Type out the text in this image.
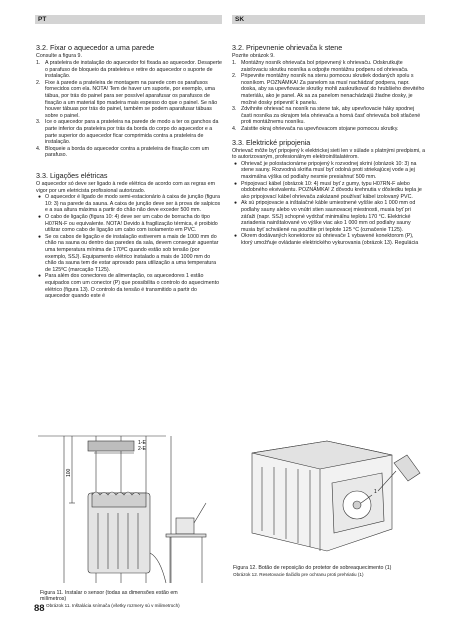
PT	SK
3.2. Fixar o aquecedor a uma parede
Consulte a figura 9.
1. A prateleira de instalação do aquecedor foi fixada ao aquecedor. Desaperte o parafuso de bloqueio da prateleira e retire do aquecedor o suporte de instalação.
2. Fixe à parede a prateleira de montagem na parede com os parafusos fornecidos com ela. NOTA! Tem de haver um suporte, por exemplo, uma tábua, por trás do painel para ser possível aparafusar os parafusos de fixação a um material tipo madeira mais espesso do que o painel. Se não houver tábuas por trás do painel, também se podem aparafusar tábuas sobre o painel.
3. Ice o aquecedor para a prateleira na parede de modo a ter os ganchos da parte inferior da prateleira por trás da borda do corpo do aquecedor e a parte superior do aquecedor ficar comprimida contra a prateleira de instalação.
4. Bloqueie a borda do aquecedor contra a prateleira de fixação com um parafuso.
3.3. Ligações elétricas
O aquecedor só deve ser ligado à rede elétrica de acordo com as regras em vigor por um eletricista profissional autorizado.
● O aquecedor é ligado de modo semi-estacionário à caixa de junção (figura 10: 3) na parede da sauna. A caixa de junção deve ser à prova de salpicos e a sua altura máxima a partir do chão não deve exceder 500 mm.
● O cabo de ligação (figura 10: 4) deve ser um cabo de borracha do tipo H07RN-F ou equivalente. NOTA! Devido à fragilização térmica, é proibido utilizar como cabo de ligação um cabo com isolamento em PVC.
● Se os cabos de ligação e de instalação estiverem a mais de 1000 mm do chão na sauna ou dentro das paredes da sala, devem conseguir aguentar uma temperatura mínima de 170ºC quando estão sob tensão (por exemplo, SSJ). Equipamento elétrico instalado a mais de 1000 mm do chão da sauna tem de estar aprovado para utilização a uma temperatura de 125ºC (marcação T125).
● Para além dos conectores de alimentação, os aquecedores 1 estão equipados com um conector (P) que possibilita o controlo do aquecimento elétrico (figura 13). O controlo da tensão é transmitido a partir do aquecedor quando este é
3.2. Pripevnenie ohrievača k stene
Pozrite obrázok 9.
1. Montážny nosník ohrievača bol pripevnený k ohrievaču. Odskrutkujte zaisťovaciu skrutku nosníka a odpojte montážnu podperu od ohrievača.
2. Pripevnite montážny nosník na stenu pomocou skrutiek dodaných spolu s nosníkom. POZNÁMKA! Za panelom sa musí nachádzať podpera, napr. doska, aby sa upevňovacie skrutky mohli zaskrutkovať do hrubšieho drevitého materiálu, ako je panel. Ak sa za panelom nenachádzajú žiadne dosky, je možné dosky pripevniť k panelu.
3. Zdvihnite ohrievač na nosník na stene tak, aby upevňovacie háky spodnej časti nosníka za okrajom tela ohrievača a horná časť ohrievača boli stlačené proti montážnemu nosníku.
4. Zaistite okraj ohrievača na upevňovacom stojane pomocou skrutky.
3.3. Elektrické pripojenia
Ohrievač môže byť pripojený k elektrickej sieti len v súlade s platnými predpismi, a to autorizovaným, profesionálnym elektroinštalatérom.
● Ohrievač je polostacionárne pripojený k rozvodnej skrini (obrázok 10: 3) na stene sauny. Rozvodná skriňa musí byť odolná proti striekajúcej vode a jej maximálna výška od podlahy nesmie presiahnuť 500 mm.
● Pripojovací kábel (obrázok 10: 4) musí byť z gumy, typu H07RN-F alebo obdobného ekvivalentu. POZNÁMKA! Z dôvodu krehnutia v dôsledku tepla je ako pripojovací kábel ohrievača zakázané používať kábel izolovaný PVC.
● Ak sú pripojovacie a inštalačné káble umiestnené vyššie ako 1 000 mm od podlahy sauny alebo vo vnútri stien saunovacej miestnosti, musia byť pri záťaži (napr. SSJ) schopné vydržať minimálnu teplotu 170 °C. Elektrické zariadenia nainštalované vo výške viac ako 1 000 mm od podlahy sauny musia byť schválené na použitie pri teplote 125 °C (označenie T125).
● Okrem dodávaných konektorov sú ohrievače 1 vybavené konektorom (P), ktorý umožňuje ovládanie elektrického vykurovania (obrázok 13). Regulácia
1-E
2-E
100
1
Figura 12. Botão de reposição do protetor de sobreaquecimento (1)
Obrázok 12. Resetovacie tlačidlo pre ochranu proti prehriatiu (1)
Figura 11. Instalar o sensor (todas as dimensões estão em milímetros)
Obrázok 11. Inštalácia snímača (všetky rozmery sú v milimetroch)
88
